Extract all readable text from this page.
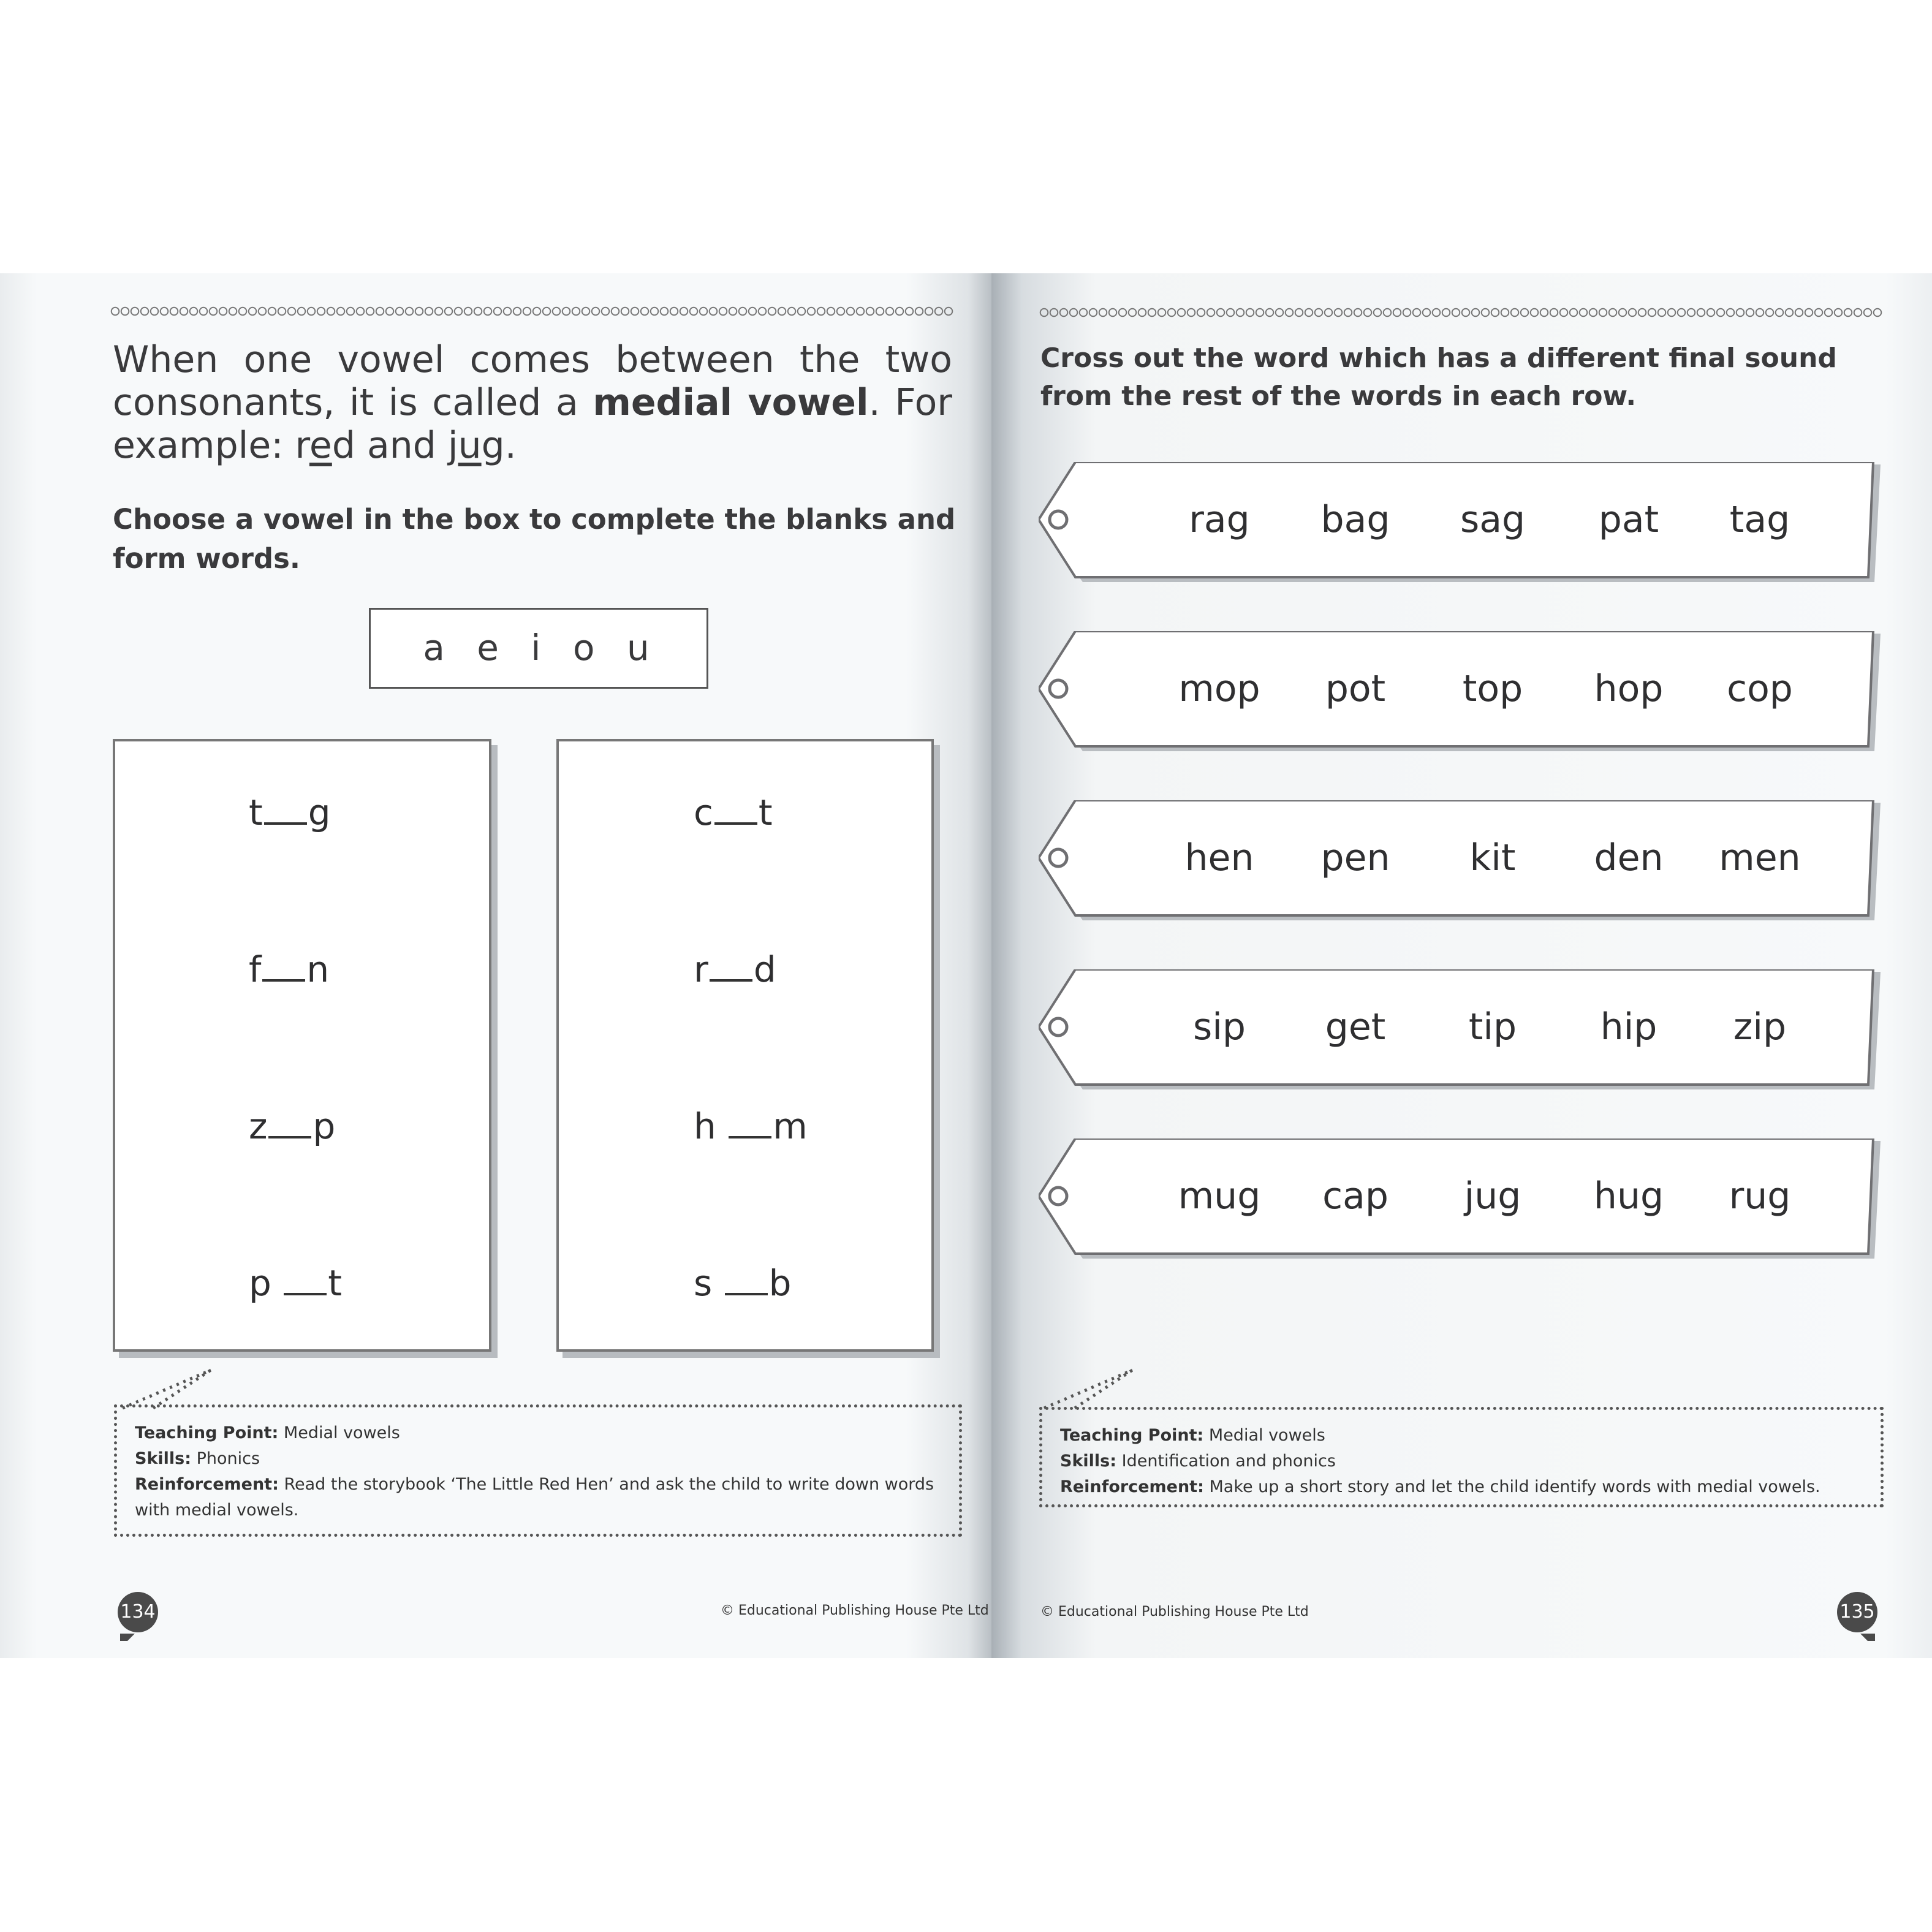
When one vowel comes between the two consonants, it is called a medial vowel. For example: red and jug.
Choose a vowel in the box to complete the blanks and form words.
a e i o u
t g
f n
z p
p t
c t
r d
h m
s b
Teaching Point: Medial vowels
Skills: Phonics
Reinforcement: Read the storybook ‘The Little Red Hen’ and ask the child to write down words with medial vowels.
134	© Educational Publishing House Pte Ltd
Cross out the word which has a different final sound from the rest of the words in each row.
rag	bag	sag	pat	tag
mop	pot	top	hop	cop
hen	pen	kit	den	men
sip	get	tip	hip	zip
mug	cap	jug	hug	rug
Teaching Point: Medial vowels
Skills: Identification and phonics
Reinforcement: Make up a short story and let the child identify words with medial vowels.
© Educational Publishing House Pte Ltd	135
